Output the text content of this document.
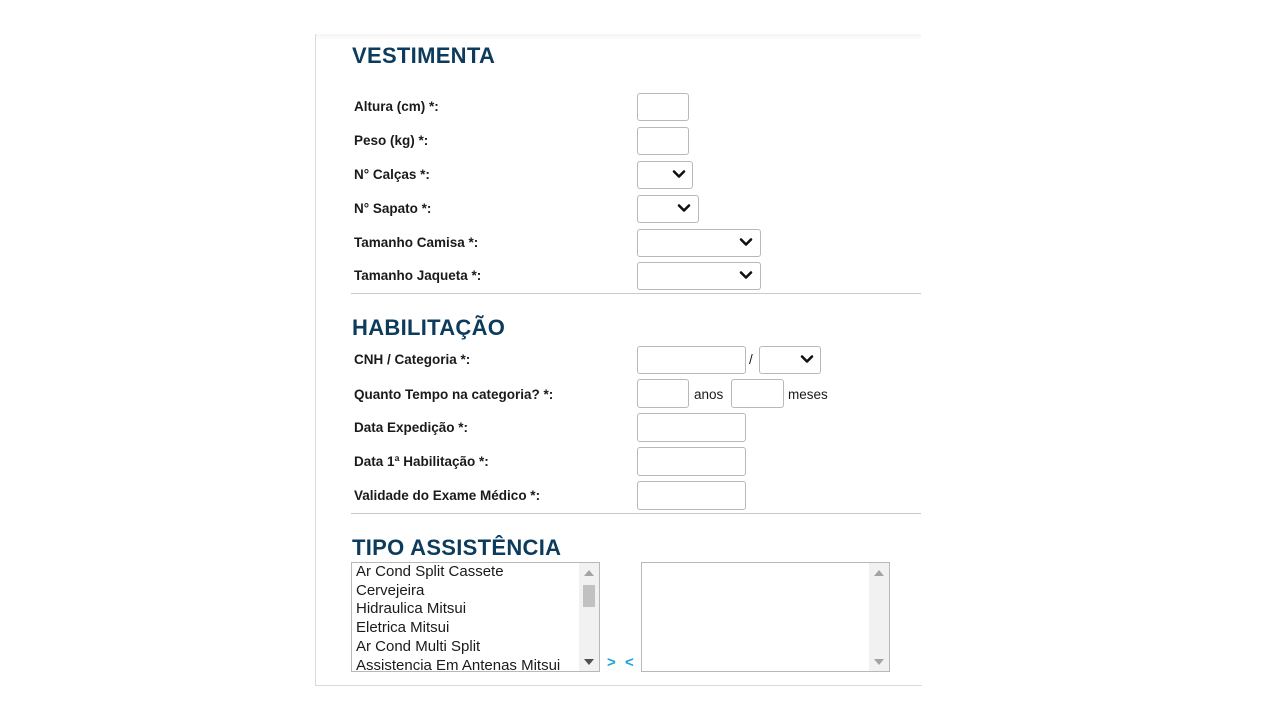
VESTIMENTA
Altura (cm) *:
Peso (kg) *:
N° Calças *:
N° Sapato *:
Tamanho Camisa *:
Tamanho Jaqueta *:
HABILITAÇÃO
CNH / Categoria *:	/
Quanto Tempo na categoria? *:	anos	meses
Data Expedição *:
Data 1ª Habilitação *:
Validade do Exame Médico *:
TIPO ASSISTÊNCIA
Ar Cond Split Cassete
Cervejeira
Hidraulica Mitsui
Eletrica Mitsui
Ar Cond Multi Split
Assistencia Em Antenas Mitsui	> <
